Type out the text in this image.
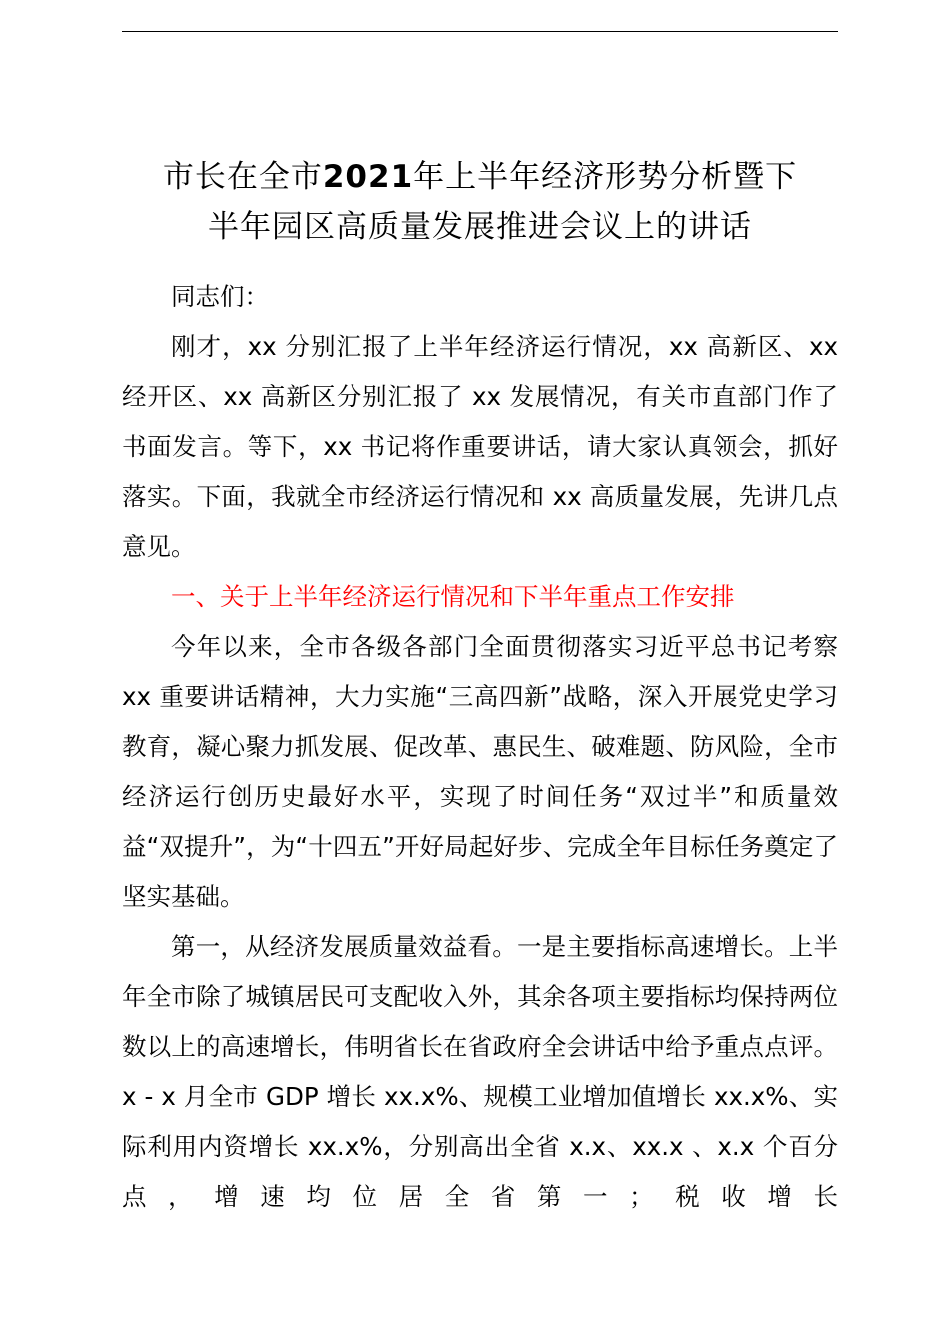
市长在全市2021年上半年经济形势分析暨下
半年园区高质量发展推进会议上的讲话

同志们：

刚才，xx 分别汇报了上半年经济运行情况，xx 高新区、xx 经开区、xx 高新区分别汇报了 xx 发展情况，有关市直部门作了书面发言。等下，xx 书记将作重要讲话，请大家认真领会，抓好落实。下面，我就全市经济运行情况和 xx 高质量发展，先讲几点意见。

一、关于上半年经济运行情况和下半年重点工作安排

今年以来，全市各级各部门全面贯彻落实习近平总书记考察 xx 重要讲话精神，大力实施“三高四新”战略，深入开展党史学习教育，凝心聚力抓发展、促改革、惠民生、破难题、防风险，全市经济运行创历史最好水平，实现了时间任务“双过半”和质量效益“双提升”，为“十四五”开好局起好步、完成全年目标任务奠定了坚实基础。

第一，从经济发展质量效益看。一是主要指标高速增长。上半年全市除了城镇居民可支配收入外，其余各项主要指标均保持两位数以上的高速增长，伟明省长在省政府全会讲话中给予重点点评。x - x 月全市 GDP 增长 xx.x%、规模工业增加值增长 xx.x%、实际利用内资增长 xx.x%，分别高出全省 x.x、xx.x 、x.x 个百分点，增速均位居全省第一；税收增长
